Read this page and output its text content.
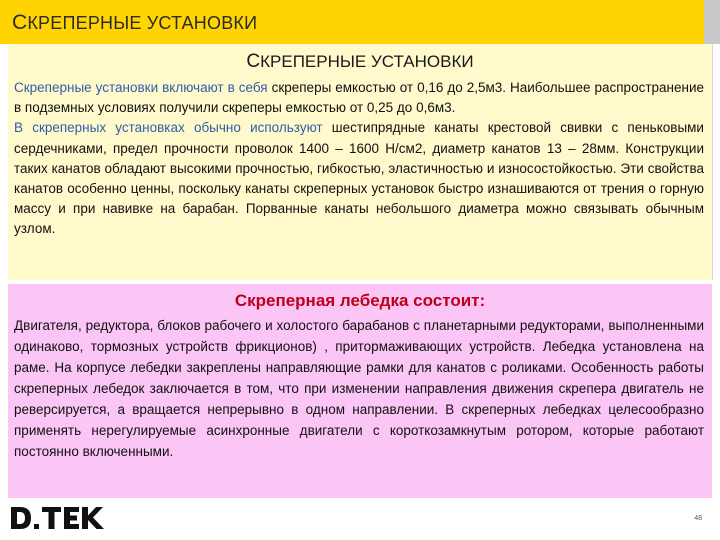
СКРЕПЕРНЫЕ УСТАНОВКИ
СКРЕПЕРНЫЕ УСТАНОВКИ
Скреперные установки включают в себя скреперы емкостью от 0,16 до 2,5м3. Наибольшее распространение в подземных условиях получили скреперы емкостью от 0,25 до 0,6м3.
В скреперных установках обычно используют шестипрядные канаты крестовой свивки с пеньковыми сердечниками, предел прочности проволок 1400 – 1600 Н/см2, диаметр канатов 13 – 28мм. Конструкции таких канатов обладают высокими прочностью, гибкостью, эластичностью и износостойкостью. Эти свойства канатов особенно ценны, поскольку канаты скреперных установок быстро изнашиваются от трения о горную массу и при навивке на барабан. Порванные канаты небольшого диаметра можно связывать обычным узлом.
Скреперная лебедка состоит:
Двигателя, редуктора, блоков рабочего и холостого барабанов с планетарными редукторами, выполненными одинаково, тормозных устройств фрикционов) , притормаживающих устройств. Лебедка установлена на раме. На корпусе лебедки закреплены направляющие рамки для канатов с роликами. Особенность работы скреперных лебедок заключается в том, что при изменении направления движения скрепера двигатель не реверсируется, а вращается непрерывно в одном направлении. В скреперных лебедках целесообразно применять нерегулируемые асинхронные двигатели с короткозамкнутым ротором, которые работают постоянно включенными.
48
